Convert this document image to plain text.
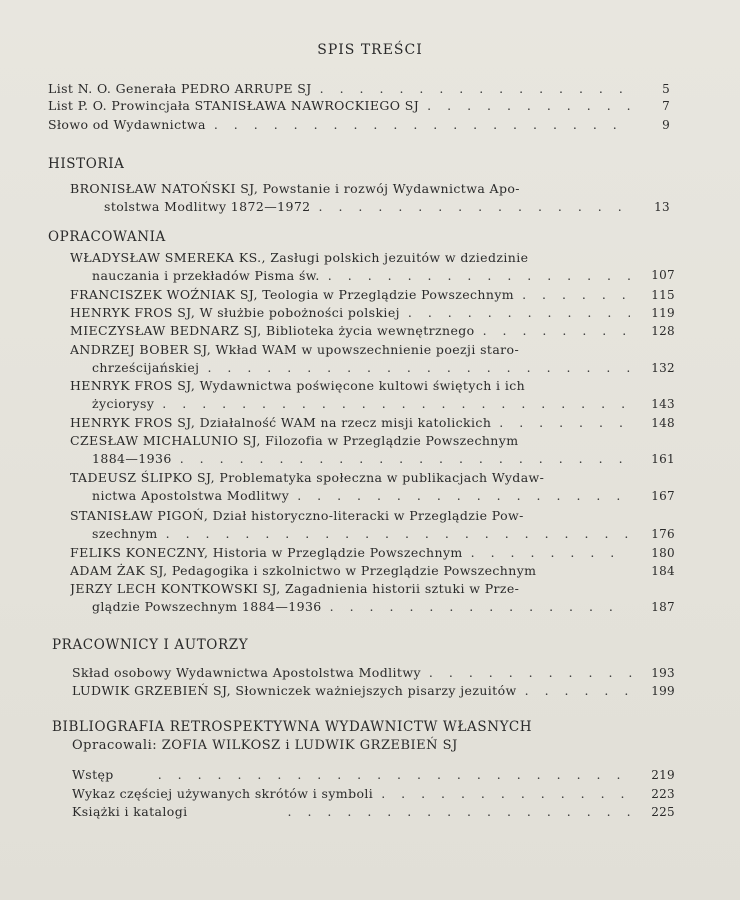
SPIS TREŚCI
List N. O. Generała PEDRO ARRUPE SJ . . .	5
List P. O. Prowincjała STANISŁAWA NAWROCKIEGO SJ . . .	7
Słowo od Wydawnictwa . . .	9
HISTORIA
BRONISŁAW NATOŃSKI SJ, Powstanie i rozwój Wydawnictwa Apo-
stolstwa Modlitwy 1872—1972 . . .	13
OPRACOWANIA
WŁADYSŁAW SMEREKA KS., Zasługi polskich jezuitów w dziedzinie
nauczania i przekładów Pisma św. . . .	107
FRANCISZEK WOŹNIAK SJ, Teologia w Przeglądzie Powszechnym . . .	115
HENRYK FROS SJ, W służbie pobożności polskiej . . .	119
MIECZYSŁAW BEDNARZ SJ, Biblioteka życia wewnętrznego . . .	128
ANDRZEJ BOBER SJ, Wkład WAM w upowszechnienie poezji staro-
chrześcijańskiej . . .	132
HENRYK FROS SJ, Wydawnictwa poświęcone kultowi świętych i ich
życiorysy . . .	143
HENRYK FROS SJ, Działalność WAM na rzecz misji katolickich . . .	148
CZESŁAW MICHALUNIO SJ, Filozofia w Przeglądzie Powszechnym
1884—1936 . . .	161
TADEUSZ ŚLIPKO SJ, Problematyka społeczna w publikacjach Wydaw-
nictwa Apostolstwa Modlitwy . . .	167
STANISŁAW PIGOŃ, Dział historyczno-literacki w Przeglądzie Pow-
szechnym . . .	176
FELIKS KONECZNY, Historia w Przeglądzie Powszechnym . . .	180
ADAM ŻAK SJ, Pedagogika i szkolnictwo w Przeglądzie Powszechnym	184
JERZY LECH KONTKOWSKI SJ, Zagadnienia historii sztuki w Prze-
glądzie Powszechnym 1884—1936 . . .	187
PRACOWNICY I AUTORZY
Skład osobowy Wydawnictwa Apostolstwa Modlitwy . . .	193
LUDWIK GRZEBIEŃ SJ, Słowniczek ważniejszych pisarzy jezuitów . . .	199
BIBLIOGRAFIA RETROSPEKTYWNA WYDAWNICTW WŁASNYCH
Opracowali: ZOFIA WILKOSZ i LUDWIK GRZEBIEŃ SJ
Wstęp . . .	219
Wykaz częściej używanych skrótów i symboli . . .	223
Książki i katalogi . . .	225
